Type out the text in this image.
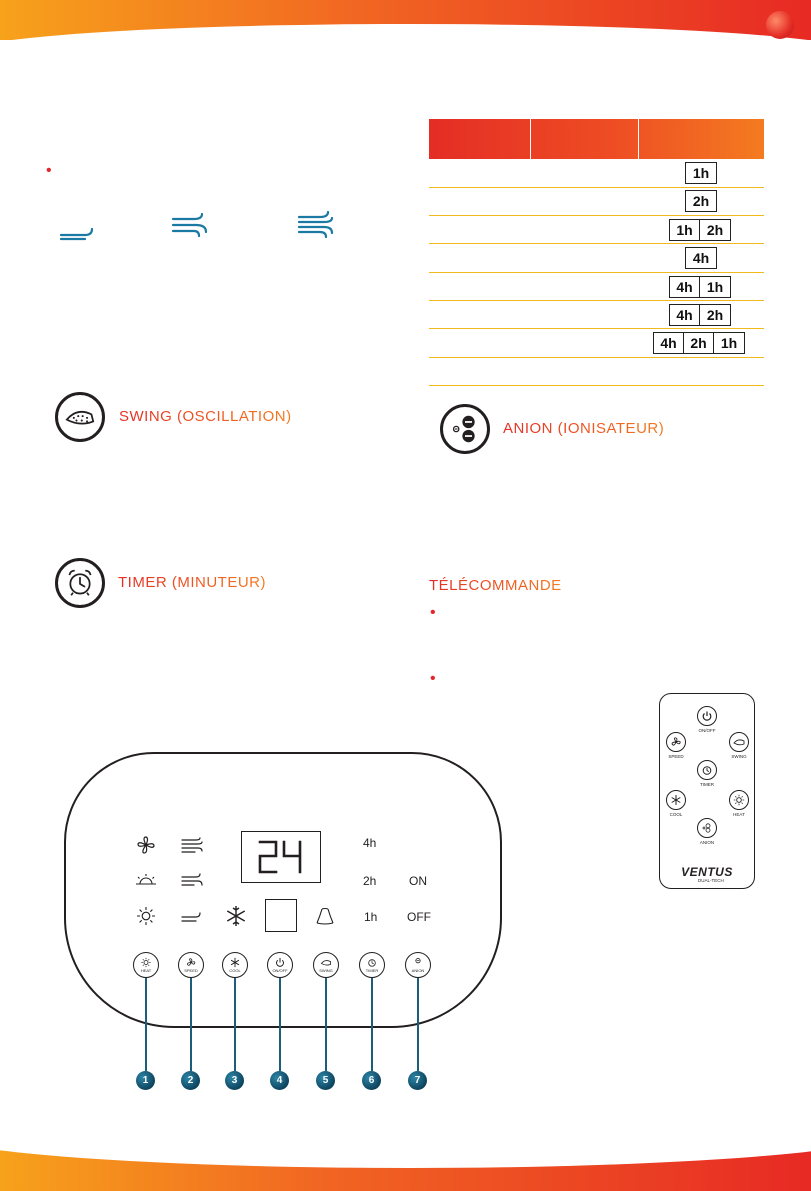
•
SWING (OSCILLATION)
TIMER (MINUTEUR)
1h
2h
1h	2h
4h
4h	1h
4h	2h
4h 2h	1h
ANION (IONISATEUR)
TÉLÉCOMMANDE
•
•
ON/OFF
SPEED	SWING
TIMER
COOL	HEAT
ANION
VENTUS
DUAL-TECH
4h
2h	ON
1h OFF
HEAT	SPEED	COOL	ON/OFF	SWING	TIMER	ANION
1	2	3	4	5	6	7
